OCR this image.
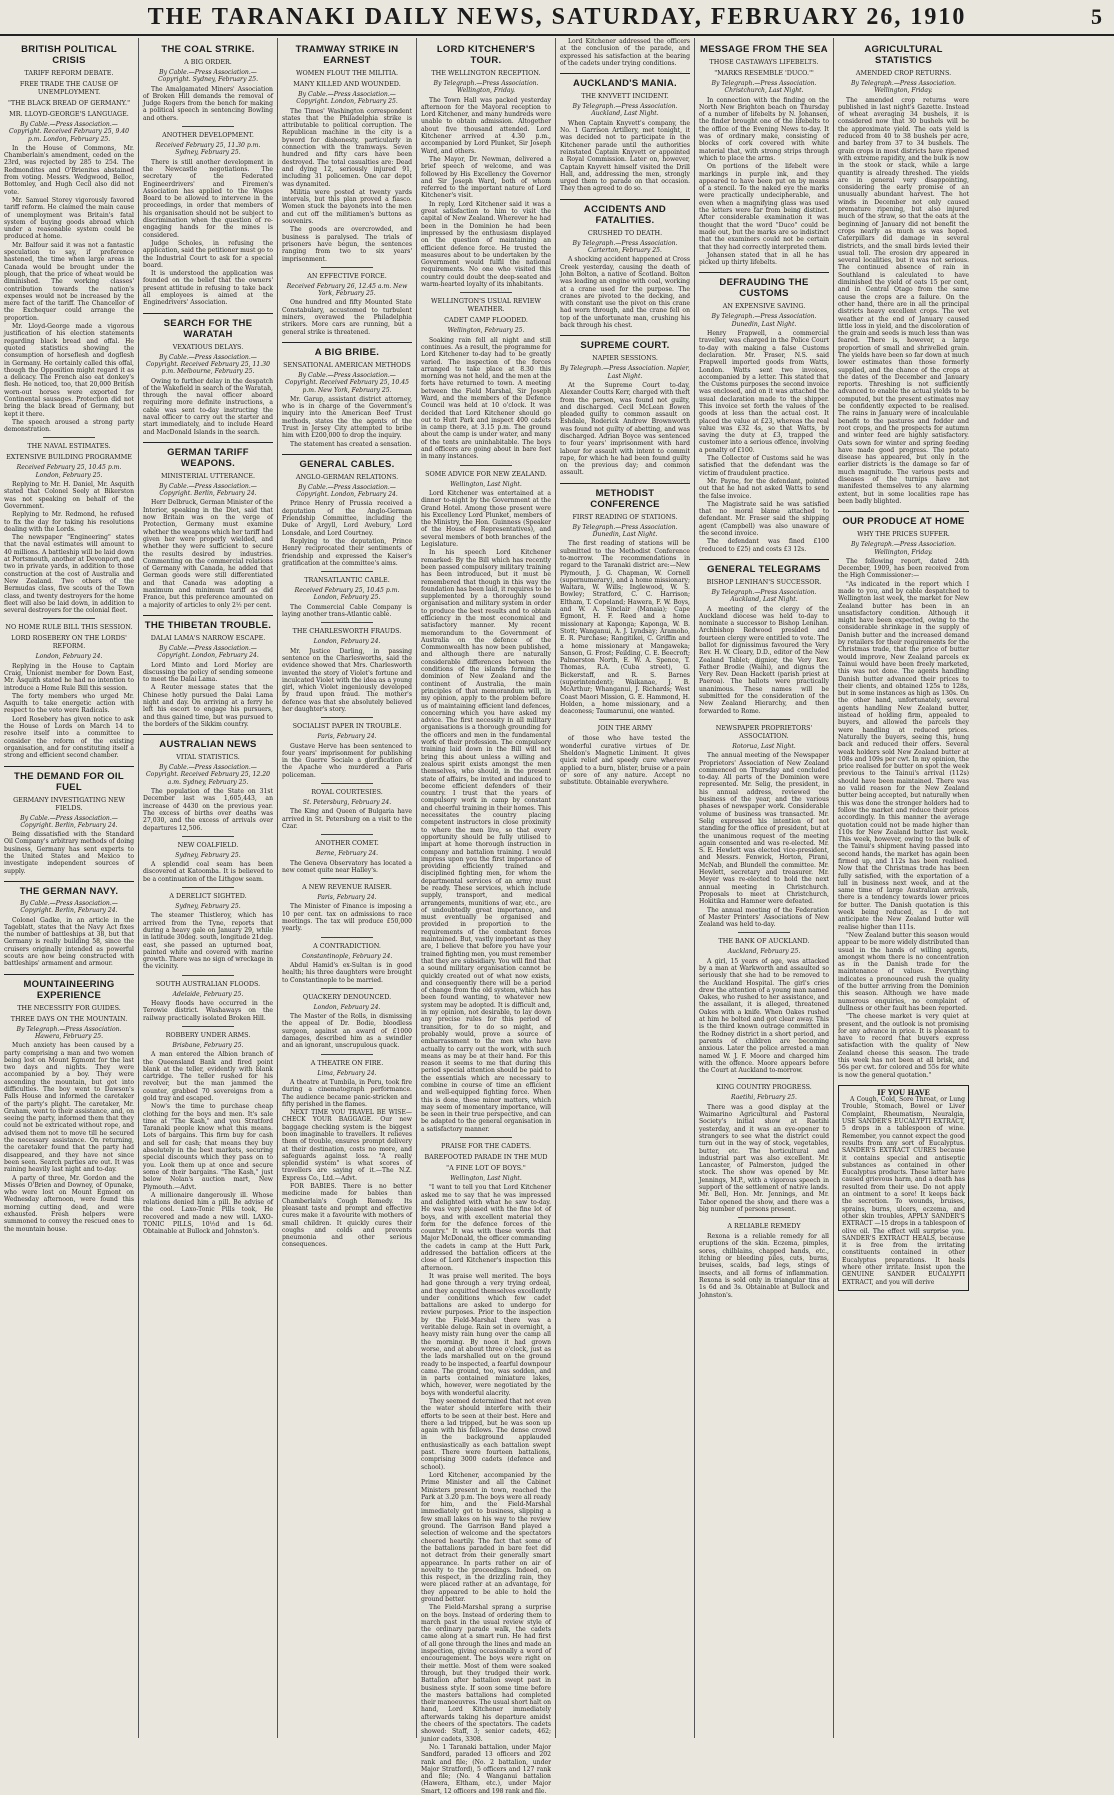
THE TARANAKI DAILY NEWS, SATURDAY, FEBRUARY 26, 1910	5
BRITISH POLITICAL CRISIS
TARIFF REFORM DEBATE.
FREE TRADE THE CAUSE OF UNEMPLOYMENT.
"THE BLACK BREAD OF GERMANY."
MR. LLOYD-GEORGE'S LANGUAGE.
By Cable.—Press Association.—Copyright. Received February 25, 9.40 p.m. London, February 25.
In the House of Commons, Mr. Chamberlain's amendment, ceded on the 23rd, was rejected by 285 to 254. The Redmondites and O'Brienites abstained from voting. Messrs. Wedgwood, Belloc, Bottomley, and Hugh Cecil also did not vote.
Mr. Samuel Storey vigorously favored tariff reform. He claimed the main cause of unemployment was Britain's fatal system of buying goods abroad which under a reasonable system could be produced at home.
Mr. Balfour said it was not a fantastic speculation to say, if preference hastened, the time when large areas in Canada would be brought under the plough, that the price of wheat would be diminished. The working classes' contribution towards the nation's expenses would not be increased by the mere fact of the tariff. The Chancellor of the Exchequer could arrange the proportion.
Mr. Lloyd-George made a vigorous justification of his election statements regarding black bread and offal. He quoted statistics showing the consumption of horseflesh and dogflesh in Germany. He certainly called this offal, though the Opposition might regard it as a delicacy. The French also eat donkey's flesh. He noticed, too, that 20,000 British worn-out horses were exported for Continental sausages. Protection did not bring the black bread of Germany, but kept it there.
The speech aroused a strong party demonstration.
THE NAVAL ESTIMATES.
EXTENSIVE BUILDING PROGRAMME
Received February 25, 10.45 p.m. London, February 25.
Replying to Mr. H. Daniel, Mr. Asquith stated that Colonel Seely at Bikerston was not speaking on behalf of the Government.
Replying to Mr. Redmond, he refused to fix the day for taking his resolutions dealing with the Lords.
The newspaper "Engineering" states that the naval estimates will amount to 40 millions. A battleship will be laid down at Portsmouth, another at Devonport, and two in private yards, in addition to those construction at the cost of Australia and New Zealand. Two others of the Bermudas class, five scouts of the Town class, and twenty destroyers for the home fleet will also be laid down, in addition to several destroyers for the colonial fleet.
NO HOME RULE BILL THIS SESSION.
LORD ROSEBERY ON THE LORDS' REFORM.
London, February 24.
Replying in the House to Captain Craig, Unionist member for Down East, Mr. Asquith stated he had no intention to introduce a Home Rule Bill this session.
The forty members who urged Mr. Asquith to take energetic action with respect to the veto were Radicals.
Lord Rosebery has given notice to ask the House of Lords on March 14 to resolve itself into a committee to consider the reform of the existing organisation, and for constituting itself a strong and efficient second chamber.
THE DEMAND FOR OIL FUEL
GERMANY INVESTIGATING NEW FIELDS.
By Cable.—Press Association.—Copyright. Berlin, February 24.
Being dissatisfied with the Standard Oil Company's arbitrary methods of doing business, Germany has sent experts to the United States and Mexico to investigate independent sources of supply.
THE GERMAN NAVY.
By Cable.—Press Association.—Copyright. Berlin, February 24.
Colonel Gadke, in an article in the Tageblatt, states that the Navy Act fixes the number of battleships at 38, but that Germany is really building 58, since the cruisers originally intended as powerful scouts are now being constructed with battleships' armament and armour.
MOUNTAINEERING EXPERIENCE
THE NECESSITY FOR GUIDES.
THREE DAYS ON THE MOUNTAIN.
By Telegraph.—Press Association. Hawera, February 25.
Much anxiety has been caused by a party comprising a man and two women being lost on Mount Egmont for the last two days and nights. They were accompanied by a boy. They were ascending the mountain, but got into difficulties. The boy went to Dawson's Falls House and informed the caretaker of the party's plight. The caretaker, Mr. Graham, went to their assistance, and, on seeing the party, informed them that they could not be extricated without rope, and advised them not to move till he secured the necessary assistance. On returning, the caretaker found that the party had disappeared, and they have not since been seen. Search parties are out. It was raining heavily last night and to-day.
A party of three, Mr. Gordon and the Misses O'Brien and Downey, of Opunake, who were lost on Mount Egmont on Wednesday afternoon, were found this morning cutting dead, and were exhausted. Fresh helpers were summoned to convey the rescued ones to the mountain house.
THE COAL STRIKE.
A BIG ORDER.
By Cable.—Press Association.—Copyright. Sydney, February 25.
The Amalgamated Miners' Association of Broken Hill demands the removal of Judge Rogers from the bench for making a political speech in sentencing Bowling and others.
ANOTHER DEVELOPMENT.
Received February 25, 11.30 p.m. Sydney, February 25.
There is still another development in the Newcastle negotiations. The secretary of the Federated Engineerdrivers' and Firemen's Association has applied to the Wages Board to be allowed to intervene in the proceedings, in order that members of his organisation should not be subject to discrimination when the question of re-engaging hands for the mines is considered.
Judge Scholes, in refusing the application, said the petitioner must go to the Industrial Court to ask for a special board.
It is understood the application was founded on the belief that the owners' present attitude in refusing to take back all employees is aimed at the Enginedrivers' Association.
SEARCH FOR THE WARATAH
VEXATIOUS DELAYS.
By Cable.—Press Association.—Copyright. Received February 25, 11.30 p.m. Melbourne, February 25.
Owing to further delay in the despatch of the Wakefield in search of the Waratah, through the naval officer aboard requiring more definite instructions, a cable was sent to-day instructing the naval officer to carry out the starter and start immediately, and to include Heard and MacDonald Islands in the search.
GERMAN TARIFF WEAPONS.
MINISTERIAL UTTERANCE.
By Cable.—Press Association.—Copyright. Berlin, February 24.
Herr Delbruck, German Minister of the Interior, speaking in the Diet, said that now Britain was on the verge of Protection, Germany must examine whether the weapons which her tariff had given her were properly wielded, and whether they were sufficient to secure the results desired by industries. Commenting on the commercial relations of Germany with Canada, he added that German goods were still differentiated and that Canada was adopting a maximum and minimum tariff as did France, but this preference amounted on a majority of articles to only 2½ per cent.
THE THIBETAN TROUBLE.
DALAI LAMA'S NARROW ESCAPE.
By Cable.—Press Association.—Copyright. London, February 24.
Lord Minto and Lord Morley are discussing the policy of sending someone to meet the Dalai Lama.
A Reuter message states that the Chinese hotly pursued the Dalai Lama night and day. On arriving at a ferry he left his escort to engage his pursuers, and thus gained time, but was pursued to the borders of the Sikkim country.
AUSTRALIAN NEWS
VITAL STATISTICS.
By Cable.—Press Association.—Copyright. Received February 25, 12.20 a.m. Sydney, February 25.
The population of the State on 31st December last was 1,605,443, an increase of 4430 on the previous year. The excess of births over deaths was 27,030, and the excess of arrivals over departures 12,506.
NEW COALFIELD.
Sydney, February 25.
A splendid coal seam has been discovered at Katoomba. It is believed to be a continuation of the Lithgow seam.
A DERELICT SIGHTED.
Sydney, February 25.
The steamer Thistleroy, which has arrived from the Tyne, reports that during a heavy gale on January 29, while in latitude 30deg. south, longitude 21deg. east, she passed an upturned boat, painted white and covered with marine growth. There was no sign of wreckage in the vicinity.
SOUTH AUSTRALIAN FLOODS.
Adelaide, February 25.
Heavy floods have occurred in the Terowie district. Washaways on the railway practically isolated Broken Hill.
ROBBERY UNDER ARMS.
Brisbane, February 25.
A man entered the Albion branch of the Queensland Bank and fired point blank at the teller, evidently with blank cartridge. The teller rushed for his revolver, but the man jammed the counter, grabbed 70 sovereigns from a gold tray and escaped.
Now's the time to purchase cheap clothing for the boys and men. It's sale time at "The Kash," and you Stratford Taranaki people know what this means. Lots of bargains. This firm buy for cash and sell for cash; that means they buy absolutely in the best markets, securing special discounts which they pass on to you. Look them up at once and secure some of their bargains. "The Kash," just below Nolan's auction mart, New Plymouth.—Advt.
A millionaire dangerously ill. Whose relations denied him a pill. Be advise of the cool. Laxo-Tonic Pills took, He recovered and made a new will. LAXO-TONIC PILLS, 10½d and 1s 6d. Obtainable at Bullock and Johnston's.
TRAMWAY STRIKE IN EARNEST
WOMEN FLOUT THE MILITIA.
MANY KILLED AND WOUNDED.
By Cable.—Press Association.—Copyright. London, February 25.
The Times' Washington correspondent states that the Philadelphia strike is attributable to political corruption. The Republican machine in the city is a byword for dishonesty, particularly in connection with the tramways. Seven hundred and fifty cars have been destroyed. The total casualties are: Dead and dying 12, seriously injured 91, including 31 policemen. One car depot was dynamited.
Militia were posted at twenty yards intervals, but this plan proved a fiasco. Women stuck the bayonets into the men and cut off the militiamen's buttons as souvenirs.
The goods are overcrowded, and business is paralysed. The trials of prisoners have begun, the sentences ranging from two to six years' imprisonment.
AN EFFECTIVE FORCE.
Received February 26, 12.45 a.m. New York, February 25.
One hundred and fifty Mounted State Constabulary, accustomed to turbulent miners, overawed the Philadelphia strikers. More cars are running, but a general strike is threatened.
A BIG BRIBE.
SENSATIONAL AMERICAN METHODS
By Cable.—Press Association.—Copyright. Received February 25, 10.45 p.m. New York, February 25.
Mr. Garup, assistant district attorney, who is in charge of the Government's inquiry into the American Beef Trust methods, states the the agents of the Trust in Jersey City attempted to bribe him with £200,000 to drop the inquiry.
The statement has created a sensation.
GENERAL CABLES.
ANGLO-GERMAN RELATIONS.
By Cable.—Press Association.—Copyright. London, February 24.
Prince Henry of Prussia received a deputation of the Anglo-German Friendship Committee, including the Duke of Argyll, Lord Avebury, Lord Lonsdale, and Lord Courtney.
Replying to the deputation, Prince Henry reciprocated their sentiments of friendship and expressed the Kaiser's gratification at the committee's aims.
TRANSATLANTIC CABLE.
Received February 25, 10.45 p.m. London, February 25.
The Commercial Cable Company is laying another trans-Atlantic cable.
THE CHARLESWORTH FRAUDS.
London, February 24.
Mr. Justice Darling, in passing sentence on the Charlesworths, said the evidence showed that Mrs. Charlesworth invented the story of Violet's fortune and inculcated Violet with the idea as a young girl, which Violet ingeniously developed by fraud upon fraud. The mother's defence was that she absolutely believed her daughter's story.
SOCIALIST PAPER IN TROUBLE.
Paris, February 24.
Gustave Herve has been sentenced to four years' imprisonment for publishing in the Guerre Sociale a glorification of the Apache who murdered a Paris policeman.
ROYAL COURTESIES.
St. Petersburg, February 24.
The King and Queen of Bulgaria have arrived in St. Petersburg on a visit to the Czar.
ANOTHER COMET.
Berne, February 24.
The Geneva Observatory has located a new comet quite near Halley's.
A NEW REVENUE RAISER.
Paris, February 24.
The Minister of Finance is imposing a 10 per cent. tax on admissions to race meetings. The tax will produce £50,000 yearly.
A CONTRADICTION.
Constantinople, February 24.
Abdul Hamid's ex-Sultan is in good health; his three daughters were brought to Constantinople to be married.
QUACKERY DENOUNCED.
London, February 24.
The Master of the Rolls, in dismissing the appeal of Dr. Bodie, bloodless surgeon, against an award of £1000 damages, described him as a swindler and an ignorant, unscrupulous quack.
A THEATRE ON FIRE.
Lima, February 24.
A theatre at Tumbila, in Peru, took fire during a cinematograph performance. The audience became panic-stricken and fifty perished in the flames.
NEXT TIME YOU TRAVEL BE WISE—CHECK YOUR BAGGAGE. Our new baggage checking system is the biggest boon imaginable to travellers. It relieves them of trouble, ensures prompt delivery at their destination, costs no more, and safeguards against loss. "A really splendid system" is what scores of travellers are saying of it.—The N.Z. Express Co., Ltd.—Advt.
FOR BABIES. There is no better medicine made for babies than Chamberlain's Cough Remedy. Its pleasant taste and prompt and effective cures make it a favourite with mothers of small children. It quickly cures their coughs and colds and prevents pneumonia and other serious consequences.
LORD KITCHENER'S TOUR.
THE WELLINGTON RECEPTION.
By Telegraph.—Press Association. Wellington, Friday.
The Town Hall was packed yesterday afternoon for the Mayoral reception to Lord Kitchener, and many hundreds were unable to obtain admission. Altogether about five thousand attended. Lord Kitchener arrived at 4.30 p.m., accompanied by Lord Plunket, Sir Joseph Ward, and others.
The Mayor, Dr. Newman, delivered a brief speech of welcome, and was followed by His Excellency the Governor and Sir Joseph Ward, both of whom referred to the important nature of Lord Kitchener's visit.
In reply, Lord Kitchener said it was a great satisfaction to him to visit the capital of New Zealand. Wherever he had been in the Dominion he had been impressed by the enthusiasm displayed on the question of maintaining an efficient defence force. He trusted the measures about to be undertaken by the Government would fulfil the national requirements. No one who visited this country could doubt the deep-seated and warm-hearted loyalty of its inhabitants.
WELLINGTON'S USUAL REVIEW WEATHER.
CADET CAMP FLOODED.
Wellington, February 25.
Soaking rain fell all night and still continues. As a result, the programme for Lord Kitchener to-day had to be greatly varied. The inspection of the forces arranged to take place at 8.30 this morning was not held, and the men at the forts have returned to town. A meeting between the Field Marshal, Sir Joseph Ward, and the members of the Defence Council was held at 10 o'clock. It was decided that Lord Kitchener should go out to Hutt Park and inspect 400 cadets in camp there, at 3.15 p.m. The ground about the camp is under water, and many of the tents are uninhabitable. The boys and officers are going about in bare feet in many instances.
SOME ADVICE FOR NEW ZEALAND.
Wellington, Last Night.
Lord Kitchener was entertained at a dinner to-night by the Government at the Grand Hotel. Among those present were his Excellency Lord Plunket, members of the Ministry, the Hon. Guinness (Speaker of the House of Representatives), and several members of both branches of the Legislature.
In his speech Lord Kitchener remarked: By the Bill which has recently been passed compulsory military training has been introduced, but it must be remembered that though in this way the foundation has been laid, it requires to be supplemented by a thoroughly sound organisation and military system in order to produce the best results and to obtain efficiency in the most economical and satisfactory manner. My recent memorandum to the Government of Australia on the defence of the Commonwealth has now been published, and although there are naturally considerable differences between the conditions of the islands forming the dominion of New Zealand and the continent of Australia, the main principles of that memorandum will, in my opinion, apply to the problem before us of maintaining efficient land defences, concerning which you have asked my advice. The first necessity in all military organisations is a thorough grounding for the officers and men in the fundamental work of their profession. The compulsory training laid down in the Bill will not bring this about unless a willing and zealous spirit exists amongst the men themselves, who should, in the present state of affairs, be invited and induced to become efficient defenders of their country. I trust that the years of compulsory work in camp by constant and cheerful training in their homes. This necessitates the country placing competent instructors in close proximity to where the men live, so that every opportunity should be fully utilised to impart at home thorough instruction in company and battalion training. I would impress upon you the first importance of providing efficiently trained and disciplined fighting men, for whom the departmental services of an army must be ready. These services, which include supply, transport, and medical arrangements, munitions of war, etc., are of undoubtedly great importance, and must eventually be organised and provided in proportion to the requirements of the combatant forces maintained. But, vastly important as they are, I believe that before you have your trained fighting men, you must remember that they are subsidiary. You will find that a sound military organisation cannot be quickly created out of what now exists, and consequently there will be a period of change from the old system, which has been found wanting, to whatever new system may be adopted. It is difficult and, in my opinion, not desirable, to lay down any precise rules for this period of transition, for to do so might, and probably would, prove a source of embarrassment to the men who have actually to carry out the work, with such means as may be at their hand. For this reason it seems to me that during this period special attention should be paid to the essentials which are necessary to combine in course of time an efficient and well-equipped fighting force. When this is done, these minor matters, which may seem of momentary importance, will be seen in their true perspective, and can be adapted to the general organisation in a satisfactory manner.
PRAISE FOR THE CADETS.
BAREFOOTED PARADE IN THE MUD
"A FINE LOT OF BOYS."
Wellington, Last Night.
"I want to tell you that Lord Kitchener asked me to say that he was impressed and delighted with what he saw to-day. He was very pleased with the fine lot of boys, and with excellent material they form for the defence forces of the country." It was with these words that Major McDonald, the officer commanding the cadets in camp at the Hutt Park, addressed the battalion officers at the close of Lord Kitchener's inspection this afternoon.
It was praise well merited. The boys had gone through a very trying ordeal, and they acquitted themselves excellently under conditions which few cadet battalions are asked to undergo for review purposes. Prior to the inspection by the Field-Marshal there was a veritable deluge. Rain set in overnight, a heavy misty rain hung over the camp all the morning. By noon it had grown worse, and at about three o'clock, just as the lads marshalled out on the ground ready to be inspected, a fearful downpour came. The ground, too, was sodden, and in parts contained miniature lakes, which, however, were negotiated by the boys with wonderful alacrity.
They seemed determined that not even the water should interfere with their efforts to be seen at their best. Here and there a lad tripped, but he was soon up again with his fellows. The dense crowd in the background applauded enthusiastically as each battalion swept past. There were fourteen battalions, comprising 3000 cadets (defence and school).
Lord Kitchener, accompanied by the Prime Minister and all the Cabinet Ministers present in town, reached the Park at 3.20 p.m. The boys were all ready for him, and the Field-Marshal immediately got to business, slipping a few small lakes on his way to the review ground. The Garrison Band played a selection of welcome and the spectators cheered heartily. The fact that some of the battalions paraded in bare feet did not detract from their generally smart appearance. In parts rather on air of novelty to the proceedings. Indeed, on this respect, in the drizzling rain, they were placed rather at an advantage, for they appeared to be able to hold the ground better.
The Field-Marshal sprang a surprise on the boys. Instead of ordering them to march past in the usual review style of the ordinary parade walk, the cadets came along at a smart run. He had first of all gone through the lines and made an inspection, giving occasionally a word of encouragement. The boys were right on their mettle. Most of them were soaked through, but they trudged their work. Battalion after battalion swept past in business style. If soon some time before the masters battalions had completed their manoeuvres. The usual short halt on hand, Lord Kitchener immediately afterwards taking his departure amidst the cheers of the spectators. The cadets showed: Staff, 3; senior cadets, 462; junior cadets, 3308.
No. 1 Taranaki battalion, under Major Sandford, paraded 13 officers and 202 rank and file; (No. 2 battalion, under Major Stratford), 5 officers and 127 rank and file; (No. 4 Wanganui battalion (Hawera, Eltham, etc.), under Major Smart, 12 officers and 198 rank and file.
Lord Kitchener addressed the officers at the conclusion of the parade, and expressed his satisfaction at the bearing of the cadets under trying conditions.
AUCKLAND'S MANIA.
THE KNYVETT INCIDENT.
By Telegraph.—Press Association. Auckland, Last Night.
When Captain Knyvett's company, the No. 1 Garrison Artillery, met tonight, it was decided not to participate in the Kitchener parade until the authorities reinstated Captain Knyvett or appointed a Royal Commission. Later on, however, Captain Knyvett himself visited the Drill Hall, and, addressing the men, strongly urged them to parade on that occasion. They then agreed to do so.
ACCIDENTS AND FATALITIES.
CRUSHED TO DEATH.
By Telegraph.—Press Association. Carterton, February 25.
A shocking accident happened at Cross Creek yesterday, causing the death of John Bolton, a native of Scotland. Bolton was leading an engine with coal, working at a crane used for the purpose. The cranes are pivoted to the decking, and with constant use the pivot on this crane had worn through, and the crane fell on top of the unfortunate man, crushing his back through his chest.
SUPREME COURT.
NAPIER SESSIONS.
By Telegraph.—Press Association. Napier, Last Night.
At the Supreme Court to-day, Alexander Coutts Kerr, charged with theft from the person, was found not guilty, and discharged. Cecil McLean Bowen pleaded guilty to common assault on Eshdale, Roderick Andrew Brownworth was found not guilty of abetting, and was discharged. Adrian Boyce was sentenced to four years' imprisonment with hard labour for assault with intent to commit rape, for which he had been found guilty on the previous day; and common assault.
METHODIST CONFERENCE
FIRST READING OF STATIONS.
By Telegraph.—Press Association. Dunedin, Last Night.
The first reading of stations will be submitted to the Methodist Conference to-morrow. The recommendations in regard to the Taranaki district are:—New Plymouth, J. G. Chapman, W. Cornell (supernumerary), and a home missionary; Waitara, W. Wills; Inglewood, W. S. Bowley; Stratford, C. C. Harrison; Eltham, T. Copeland; Hawera, F. W. Boys, and W. A. Sinclair (Manaia); Cape Egmont, H. F. Reed and a home missionary at Kaponga; Kaponga, W. B. Stott; Wanganui, A. J. Lyndsay; Aramoho, E. R. Purchase; Rangitikei, C. Griffin and a home missionary at Mangaweka; Sanson, G. Frost; Feilding, C. E. Beecroft; Palmerston North, E. W. A. Spence, T. Thomas, R.A. (Cuba street), G. Bickerstaff, and R. S. Barnes (superintendent); Waikanae, J. B. McArthur; Whanganui, J. Richards; West Coast Maori Mission, G. E. Hammond, H. Holden, a home missionary, and a deaconess; Taumarunui, one wanted.
JOIN THE ARMY
of those who have tested the wonderful curative virtues of Dr. Sheldon's Magnetic Liniment. It gives quick relief and speedy cure wherever applied to a burn, blister, bruise or a pain or sore of any nature. Accept no substitute. Obtainable everywhere.
MESSAGE FROM THE SEA
THOSE CASTAWAYS LIFEBELTS.
"MARKS RESEMBLE 'DUCO.'"
By Telegraph.—Press Association. Christchurch, Last Night.
In connection with the finding on the North New Brighton beach on Thursday of a number of lifebelts by N. Johansen, the finder brought one of the lifebelts to the office of the Evening News to-day. It was of ordinary make, consisting of blocks of cork covered with white material that, with strong strips through which to place the arms.
On portions of the lifebelt were markings in purple ink, and they appeared to have been put on by means of a stencil. To the naked eye the marks were practically undecipherable, and even when a magnifying glass was used the letters were far from being distinct. After considerable examination it was thought that the word "Duco" could be made out, but the marks are so indistinct that the examiners could not be certain that they had correctly interpreted them.
Johansen stated that in all he has picked up thirty lifebelts.
DEFRAUDING THE CUSTOMS
AN EXPENSIVE SAVING.
By Telegraph.—Press Association. Dunedin, Last Night.
Henry Frapwell, a commercial traveller, was charged in the Police Court to-day with making a false Customs declaration. Mr. Fraser, N.S. said Frapwell imported goods from Watts, London. Watts sent two invoices, accompanied by a letter. This stated that the Customs purposes the second invoice was enclosed, and on it was attached the usual declaration made to the shipper. This invoice set forth the values of the goods at less than the actual cost. It placed the value at £23, whereas the real value was £32 4s, so that Watts, by saving the duty at £3, trapped the customer into a serious offence, involving a penalty of £100.
The Collector of Customs said he was satisfied that the defendant was the victim of fraudulent practice.
Mr. Payne, for the defendant, pointed out that he had not asked Watts to send the false invoice.
The Magistrate said he was satisfied that no moral blame attached to defendant. Mr. Fraser said the shipping agent (Campbell) was also unaware of the second invoice.
The defendant was fined £100 (reduced to £25) and costs £3 12s.
GENERAL TELEGRAMS
BISHOP LENIHAN'S SUCCESSOR.
By Telegraph.—Press Association. Auckland, Last Night.
A meeting of the clergy of the Auckland diocese was held to-day to nominate a successor to Bishop Lenihan. Archbishop Redwood presided and fourteen clergy were entitled to vote. The ballot for dignissimus favoured the Very Rev. H. W. Cleary, D.D., editor of the New Zealand Tablet; dignior, the Very Rev. Father Brodie (Waihi), and dignus the Very Rev. Dean Hackett (parish priest at Paeroa). The ballots were practically unanimous. These names will be submitted for the consideration of the New Zealand Hierarchy, and then forwarded to Rome.
NEWSPAPER PROPRIETORS' ASSOCIATION.
Rotorua, Last Night.
The annual meeting of the Newspaper Proprietors' Association of New Zealand commenced on Thursday and concluded to-day. All parts of the Dominion were represented. Mr. Selig, the president, in his annual address, reviewed the business of the year, and the various phases of newspaper work. Considerable volume of business was transacted. Mr. Selig expressed his intention of not standing for the office of president, but at the unanimous request of the meeting again consented and was re-elected. Mr. S. E. Hewlett was elected vice-president, and Messrs. Fenwick, Horton, Pirani, McNab, and Blundell the committee. Mr. Hewlett, secretary and treasurer. Mr. Meyer was re-elected to hold the next annual meeting in Christchurch. Proposals to meet at Christchurch, Hokitika and Hamner were defeated.
The annual meeting of the Federation of Master Printers' Associations of New Zealand was held to-day.
THE BANK OF AUCKLAND.
Auckland, February 25.
A girl, 15 years of age, was attacked by a man at Warkworth and assaulted so seriously that she had to be removed to the Auckland Hospital. The girl's cries drew the attention of a young man named Oakes, who rushed to her assistance, and the assailant, it is alleged, threatened Oakes with a knife. When Oakes rushed at him he bolted and got clear away. This is the third known outrage committed in the Rodney district in a short period, and parents of children are becoming anxious. Later the police arrested a man named W. J. F. Moore and charged him with the offence. Moore appears before the Court at Auckland to-morrow.
KING COUNTRY PROGRESS.
Raetihi, February 25.
There was a good display at the Waimarino Agricultural and Pastoral Society's initial show at Raetihi yesterday, and it was an eye-opener to strangers to see what the district could turn out in the way of stock, vegetables, butter, etc. The horticultural and industrial part was also excellent. Mr. Lancaster, of Palmerston, judged the stock. The show was opened by Mr. Jennings, M.P., with a vigorous speech in support of the settlement of native lands. Mr. Bell, Hon. Mr. Jennings, and Mr. Tabor opened the show, and there was a big number of persons present.
A RELIABLE REMEDY
Rexona is a reliable remedy for all eruptions of the skin. Eczema, pimples, sores, chilblains, chapped hands, etc., itching or bleeding piles, cuts, burns, bruises, scalds, bad legs, stings of insects, and all forms of inflammation. Rexona is sold only in triangular tins at 1s 6d and 3s. Obtainable at Bullock and Johnston's.
AGRICULTURAL STATISTICS
AMENDED CROP RETURNS.
By Telegraph.—Press Association. Wellington, Friday.
The amended crop returns were published in last night's Gazette. Instead of wheat averaging 34 bushels, it is considered now that 30 bushels will be the approximate yield. The oats yield is reduced from 40 to 38 bushels per acre, and barley from 37 to 34 bushels. The grain crops in most districts have ripened with extreme rapidity, and the bulk is now in the stook or stack, while a large quantity is already threshed. The yields are in general very disappointing, considering the early promise of an unusually abundant harvest. The hot winds in December not only caused premature ripening, but also injured much of the straw, so that the oats at the beginning of January did not benefit the crops nearly as much as was hoped. Caterpillars did damage in several districts, and the small birds levied their usual toll. The erosion dry appeared in several localities, but it was not serious. The continued absence of rain in Southland is calculated to have diminished the yield of oats 15 per cent, and in Central Otago from the same cause the crops are a failure. On the other hand, there are in all the principal districts heavy excellent crops. The wet weather at the end of January caused little loss in yield, and the discoloration of the grain and seeds is much less than was feared. There is, however, a large proportion of small and shrivelled grain. The yields have been so far down at much lower estimates than those formerly supplied, and the chance of the crops at the dates of the December and January reports. Threshing is not sufficiently advanced to enable the actual yields to be computed, but the present estimates may be confidently expected to be realised. The rains in January were of incalculable benefit to the pastures and fodder and root crops, and the prospects for autumn and winter feed are highly satisfactory. Oats sown for winter and spring feeding have made good progress. The potato disease has appeared, but only in the earlier districts is the damage so far of much magnitude. The various pests and diseases of the turnips have not manifested themselves to any alarming extent, but in some localities rape has been badly blighted.
OUR PRODUCE AT HOME
WHY THE PRICES SUFFER.
By Telegraph.—Press Association. Wellington, Friday.
The following report, dated 24th December, 1909, has been received from the High Commissioner:—
"As indicated in the report which I made to you, and by cable despatched to Wellington last week, the market for New Zealand butter has been in an unsatisfactory condition. Although it might have been expected, owing to the considerable shrinkage in the supply of Danish butter and the increased demand by retailers for their requirements for the Christmas trade, that the price of butter would improve, New Zealand parcels ex Tainui would have been freely marketed, this was not done. The agents handling Danish butter advanced their prices to their clients, and obtained 125s to 128s, but in some instances as high as 130s. On the other hand, unfortunately, several agents handling New Zealand butter, instead of holding firm, appealed to buyers, and allowed the parcels they were handling at reduced prices. Naturally the buyers, seeing this, hung back and reduced their offers. Several weak holders sold New Zealand butter at 108s and 109s per cwt. In my opinion, the price realised for butter on spot the week previous to the Tainui's arrival (112s) should have been maintained. There was no valid reason for the New Zealand butter being accepted, but naturally when this was done the stronger holders had to follow the market and reduce their prices accordingly. In this manner the average quotation could not be made higher than 110s for New Zealand butter last week. This week, however, owing to the bulk of the Tainui's shipment having passed into second hands, the market has again been firmed up, and 112s has been realised. Now that the Christmas trade has been fully satisfied, with the exportation of a lull in business next week, and at the same time of large Australian arrivals, there is a tendency towards lower prices for butter. The Danish quotation is this week being reduced, as I do not anticipate the New Zealand butter will realise higher than 111s.
"New Zealand butter this season would appear to be more widely distributed than usual in the hands of willing agents, amongst whom there is no concentration as in the Danish trade for the maintenance of values. Everything indicates a pronounced rush the quality of the butter arriving from the Dominion this season. Although we have made numerous enquiries, no complaint of dullness or other fault has been reported.
"The cheese market is very quiet at present, and the outlook is not promising for any advance in price. It is pleasant to have to record that buyers express satisfaction with the quality of New Zealand cheese this season. The trade this week has not been at all brisk, and 56s per cwt. for colored and 55s for white is now the general quotation."
IF YOU HAVE
A Cough, Cold, Sore Throat, or Lung Trouble, Stomach, Bowel or Liver Complaint, Rheumatism, Neuralgia, USE SANDER'S EUCALYPTI EXTRACT, 5 drops in a tablespoon of wine. Remember, you cannot expect the good results from any sort of Eucalyptus. SANDER'S EXTRACT CURES because it contains special and antiseptic substances as contained in other Eucalyptus products. These latter have caused grievous harm, and a death has resulted from their use. Do not apply an ointment to a sore! It keeps back the secretion. To wounds, bruises, sprains, burns, ulcers, eczema, and other skin troubles, APPLY SANDER'S EXTRACT —15 drops in a tablespoon of olive oil. The effect will surprise you. SANDER'S EXTRACT HEALS, because it is free from the irritating constituents contained in other Eucalyptus preparations. It heals where other irritate. Insist upon the GENUINE SANDER EUCALYPTI EXTRACT, and you will derive
